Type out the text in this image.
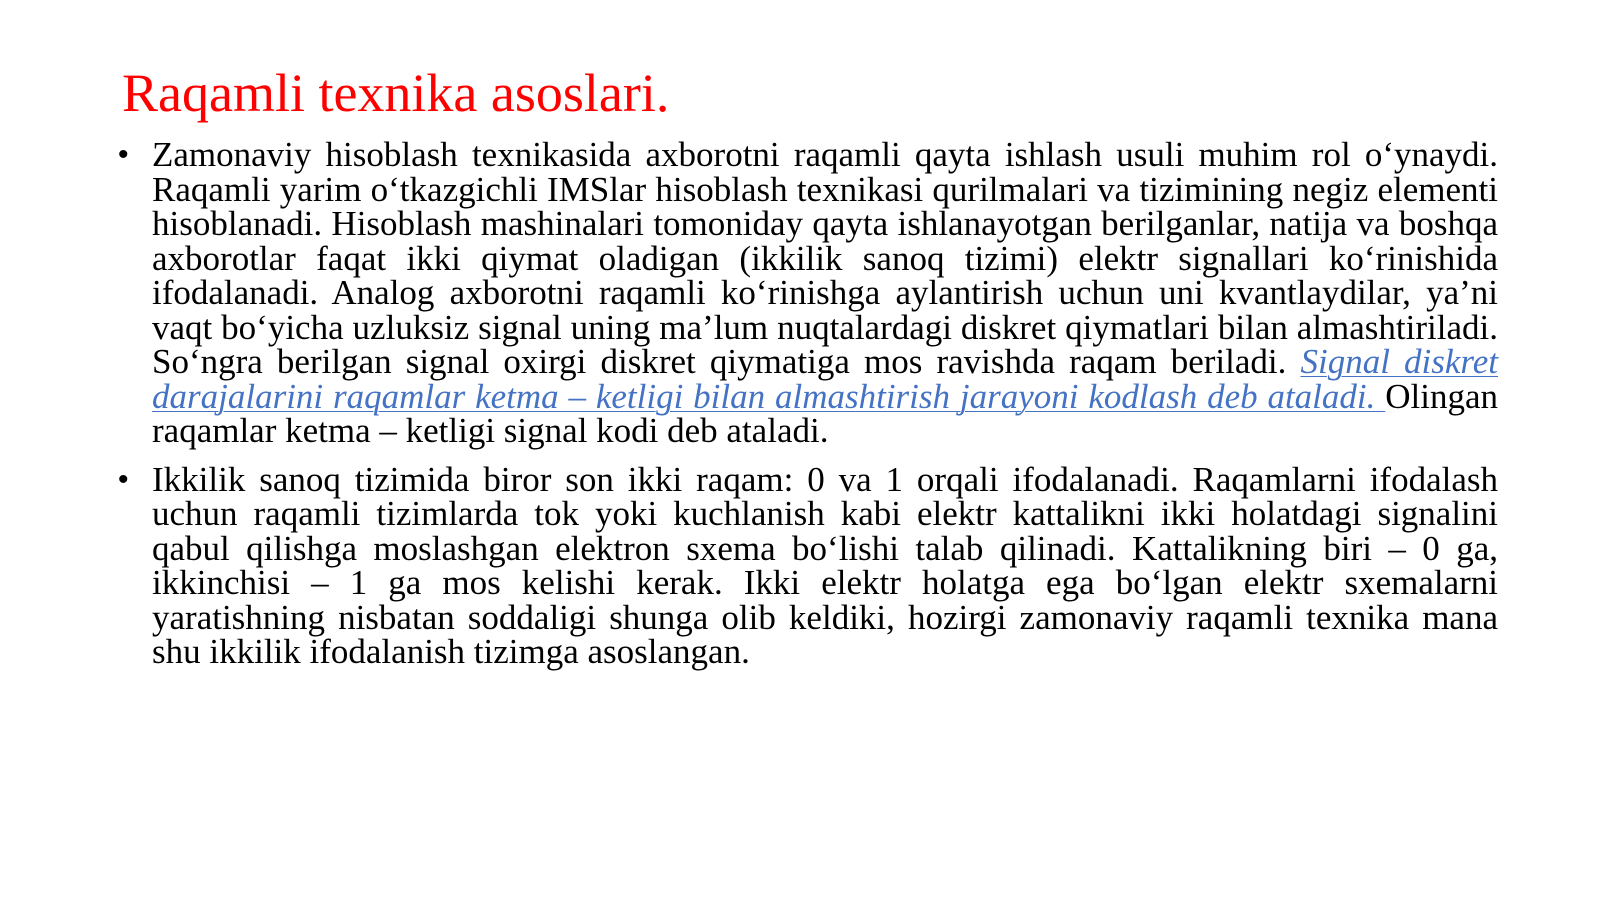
Raqamli texnika asoslari.
• Zamonaviy hisoblash texnikasida axborotni raqamli qayta ishlash usuli muhim rol o‘ynaydi. Raqamli yarim o‘tkazgichli IMSlar hisoblash texnikasi qurilmalari va tizimining negiz elementi hisoblanadi. Hisoblash mashinalari tomoniday qayta ishlanayotgan berilganlar, natija va boshqa axborotlar faqat ikki qiymat oladigan (ikkilik sanoq tizimi) elektr signallari ko‘rinishida ifodalanadi. Analog axborotni raqamli ko‘rinishga aylantirish uchun uni kvantlaydilar, ya’ni vaqt bo‘yicha uzluksiz signal uning ma’lum nuqtalardagi diskret qiymatlari bilan almashtiriladi. So‘ngra berilgan signal oxirgi diskret qiymatiga mos ravishda raqam beriladi. Signal diskret darajalarini raqamlar ketma – ketligi bilan almashtirish jarayoni kodlash deb ataladi. Olingan raqamlar ketma – ketligi signal kodi deb ataladi.
• Ikkilik sanoq tizimida biror son ikki raqam: 0 va 1 orqali ifodalanadi. Raqamlarni ifodalash uchun raqamli tizimlarda tok yoki kuchlanish kabi elektr kattalikni ikki holatdagi signalini qabul qilishga moslashgan elektron sxema bo‘lishi talab qilinadi. Kattalikning biri – 0 ga, ikkinchisi – 1 ga mos kelishi kerak. Ikki elektr holatga ega bo‘lgan elektr sxemalarni yaratishning nisbatan soddaligi shunga olib keldiki, hozirgi zamonaviy raqamli texnika mana shu ikkilik ifodalanish tizimga asoslangan.
